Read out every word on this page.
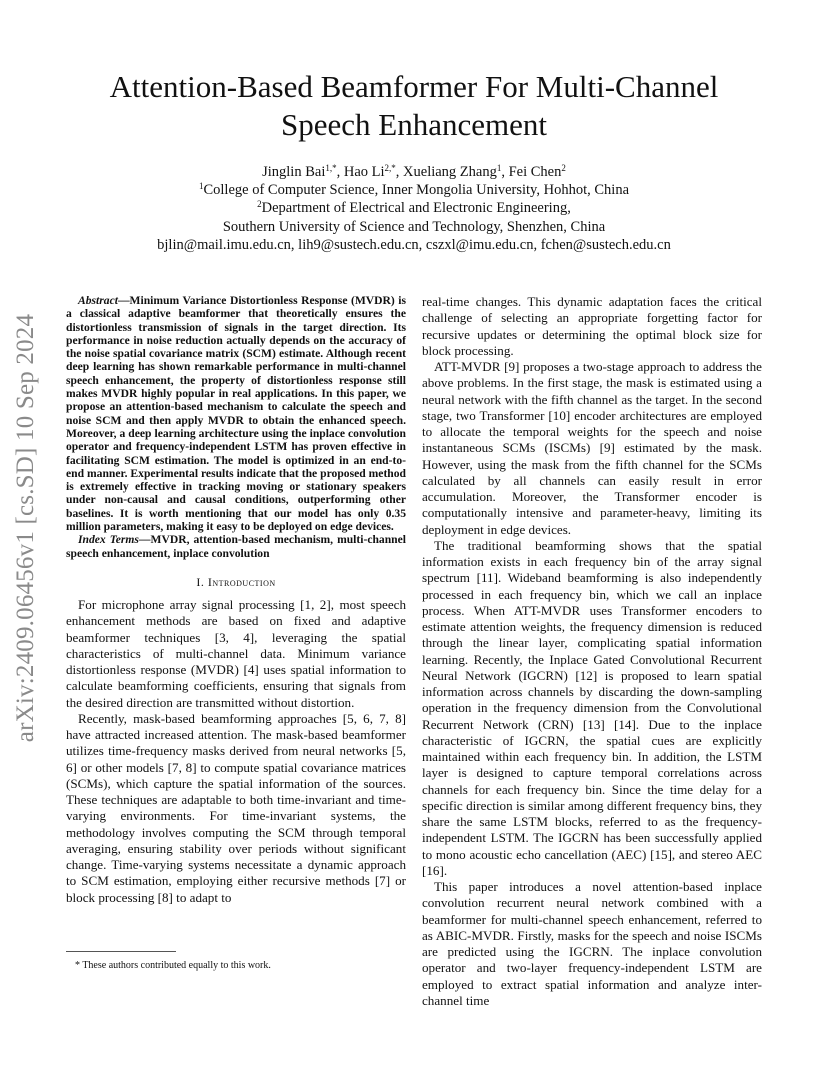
arXiv:2409.06456v1 [cs.SD] 10 Sep 2024
Attention-Based Beamformer For Multi-Channel
Speech Enhancement
Jinglin Bai$^{1,*}$, Hao $Li^{2,*}$, Xueliang Zhang$^1$, Fei Chen$^2$
$^1$College of Computer Science, Inner Mongolia University, Hohhot, China
$^2$Department of Electrical and Electronic Engineering,
Southern University of Science and Technology, Shenzhen, China
bjlin@mail.imu.edu.cn, lih9@sustech.edu.cn, cszxl@imu.edu.cn, fchen@sustech.edu.cn

Abstract—Minimum Variance Distortionless Response (MVDR) is a classical adaptive beamformer that theoretically ensures the distortionless transmission of signals in the target direction. Its performance in noise reduction actually depends on the accuracy of the noise spatial covariance matrix (SCM) estimate. Although recent deep learning has shown remarkable performance in multi-channel speech enhancement, the property of distortionless response still makes MVDR highly popular in real applications. In this paper, we propose an attention-based mechanism to calculate the speech and noise SCM and then apply MVDR to obtain the enhanced speech. Moreover, a deep learning architecture using the inplace convolution operator and frequency-independent LSTM has proven effective in facilitating SCM estimation. The model is optimized in an end-to-end manner. Experimental results indicate that the proposed method is extremely effective in tracking moving or stationary speakers under non-causal and causal conditions, outperforming other baselines. It is worth mentioning that our model has only 0.35 million parameters, making it easy to be deployed on edge devices.

Index Terms—MVDR, attention-based mechanism, multi-channel speech enhancement, inplace convolution

I. Introduction

For microphone array signal processing [1, 2], most speech enhancement methods are based on fixed and adaptive beamformer techniques [3, 4], leveraging the spatial characteristics of multi-channel data. Minimum variance distortionless response (MVDR) [4] uses spatial information to calculate beamforming coefficients, ensuring that signals from the desired direction are transmitted without distortion.

Recently, mask-based beamforming approaches [5, 6, 7, 8] have attracted increased attention. The mask-based beamformer utilizes time-frequency masks derived from neural networks [5, 6] or other models [7, 8] to compute spatial covariance matrices (SCMs), which capture the spatial information of the sources. These techniques are adaptable to both time-invariant and time-varying environments. For time-invariant systems, the methodology involves computing the SCM through temporal averaging, ensuring stability over periods without significant change. Time-varying systems necessitate a dynamic approach to SCM estimation, employing either recursive methods [7] or block processing [8] to adapt to

real-time changes. This dynamic adaptation faces the critical challenge of selecting an appropriate forgetting factor for recursive updates or determining the optimal block size for block processing.

ATT-MVDR [9] proposes a two-stage approach to address the above problems. In the first stage, the mask is estimated using a neural network with the fifth channel as the target. In the second stage, two Transformer [10] encoder architectures are employed to allocate the temporal weights for the speech and noise instantaneous SCMs (ISCMs) [9] estimated by the mask. However, using the mask from the fifth channel for the SCMs calculated by all channels can easily result in error accumulation. Moreover, the Transformer encoder is computationally intensive and parameter-heavy, limiting its deployment in edge devices.

The traditional beamforming shows that the spatial information exists in each frequency bin of the array signal spectrum [11]. Wideband beamforming is also independently processed in each frequency bin, which we call an inplace process. When ATT-MVDR uses Transformer encoders to estimate attention weights, the frequency dimension is reduced through the linear layer, complicating spatial information learning. Recently, the Inplace Gated Convolutional Recurrent Neural Network (IGCRN) [12] is proposed to learn spatial information across channels by discarding the down-sampling operation in the frequency dimension from the Convolutional Recurrent Network (CRN) [13] [14]. Due to the inplace characteristic of IGCRN, the spatial cues are explicitly maintained within each frequency bin. In addition, the LSTM layer is designed to capture temporal correlations across channels for each frequency bin. Since the time delay for a specific direction is similar among different frequency bins, they share the same LSTM blocks, referred to as the frequency-independent LSTM. The IGCRN has been successfully applied to mono acoustic echo cancellation (AEC) [15], and stereo AEC [16].

This paper introduces a novel attention-based inplace convolution recurrent neural network combined with a beamformer for multi-channel speech enhancement, referred to as ABIC-MVDR. Firstly, masks for the speech and noise ISCMs are predicted using the IGCRN. The inplace convolution operator and two-layer frequency-independent LSTM are employed to extract spatial information and analyze inter-channel time

* These authors contributed equally to this work.
